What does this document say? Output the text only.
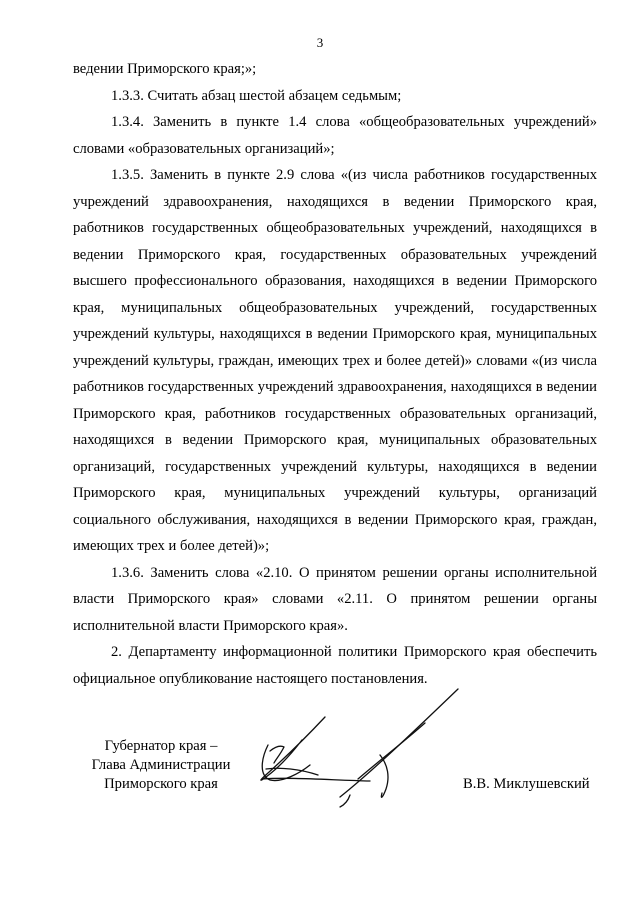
3

ведении Приморского края;»;

1.3.3. Считать абзац шестой абзацем седьмым;

1.3.4. Заменить в пункте 1.4 слова «общеобразовательных учреждений» словами «образовательных организаций»;

1.3.5. Заменить в пункте 2.9 слова «(из числа работников государственных учреждений здравоохранения, находящихся в ведении Приморского края, работников государственных общеобразовательных учреждений, находящихся в ведении Приморского края, государственных образовательных учреждений высшего профессионального образования, находящихся в ведении Приморского края, муниципальных общеобразовательных учреждений, государственных учреждений культуры, находящихся в ведении Приморского края, муниципальных учреждений культуры, граждан, имеющих трех и более детей)» словами «(из числа работников государственных учреждений здравоохранения, находящихся в ведении Приморского края, работников государственных образовательных организаций, находящихся в ведении Приморского края, муниципальных образовательных организаций, государственных учреждений культуры, находящихся в ведении Приморского края, муниципальных учреждений культуры, организаций социального обслуживания, находящихся в ведении Приморского края, граждан, имеющих трех и более детей)»;

1.3.6. Заменить слова «2.10. О принятом решении органы исполнительной власти Приморского края» словами «2.11. О принятом решении органы исполнительной власти Приморского края».

2. Департаменту информационной политики Приморского края обеспечить официальное опубликование настоящего постановления.

Губернатор края –
Глава Администрации
Приморского края	В.В. Миклушевский
